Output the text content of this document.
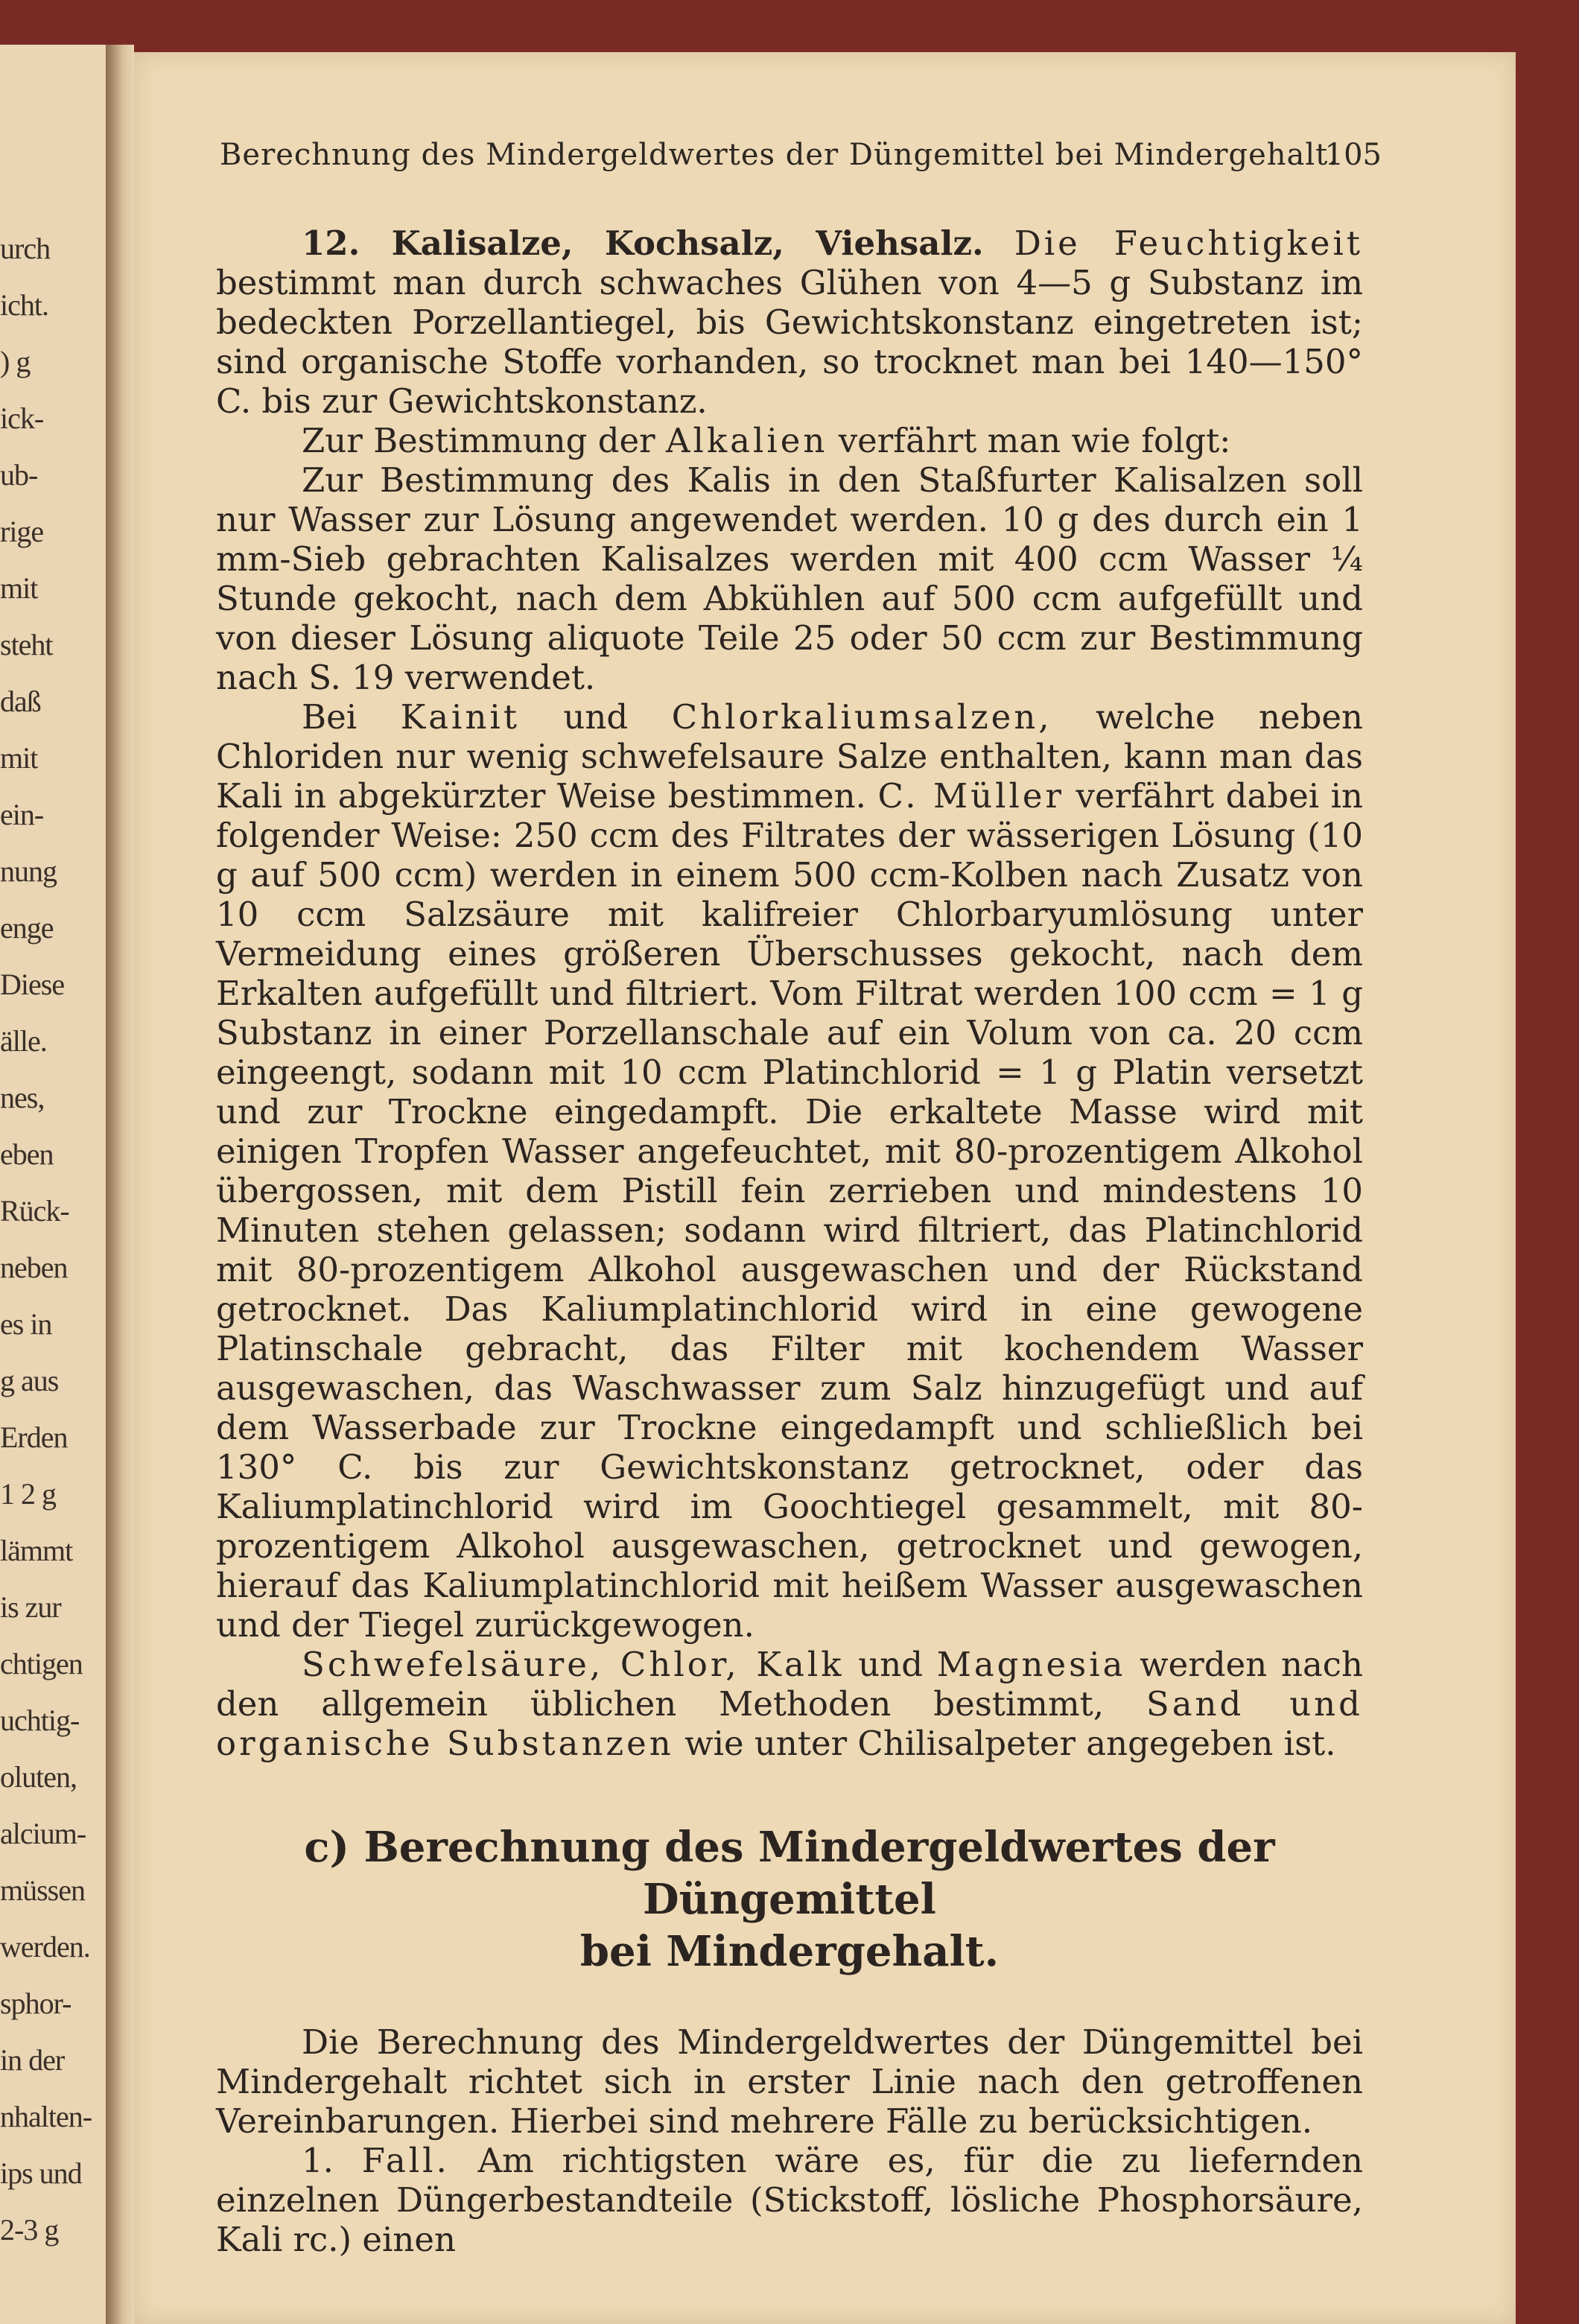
urch
icht.
) g
ick-
ub-
rige
mit
steht
daß
mit
ein-
nung
enge
Diese
älle.
nes,
eben
Rück-
neben
es in
g aus
Erden
1 2 g
lämmt
is zur
chtigen
uchtig-
oluten,
alcium-
müssen
werden.
sphor-
in der
nhalten-
ips und
2-3 g
Berechnung des Mindergeldwertes der Düngemittel bei Mindergehalt.
105

12. Kalisalze, Kochsalz, Viehsalz. Die Feuchtigkeit bestimmt man durch schwaches Glühen von 4—5 g Substanz im bedeckten Porzellantiegel, bis Gewichtskonstanz eingetreten ist; sind organische Stoffe vorhanden, so trocknet man bei 140—150° C. bis zur Gewichtskonstanz.

Zur Bestimmung der Alkalien verfährt man wie folgt:

Zur Bestimmung des Kalis in den Staßfurter Kalisalzen soll nur Wasser zur Lösung angewendet werden. 10 g des durch ein 1 mm-Sieb gebrachten Kalisalzes werden mit 400 ccm Wasser ¼ Stunde gekocht, nach dem Abkühlen auf 500 ccm aufgefüllt und von dieser Lösung aliquote Teile 25 oder 50 ccm zur Bestimmung nach S. 19 verwendet.

Bei Kainit und Chlorkaliumsalzen, welche neben Chloriden nur wenig schwefelsaure Salze enthalten, kann man das Kali in abgekürzter Weise bestimmen. C. Müller verfährt dabei in folgender Weise: 250 ccm des Filtrates der wässerigen Lösung (10 g auf 500 ccm) werden in einem 500 ccm-Kolben nach Zusatz von 10 ccm Salzsäure mit kalifreier Chlorbaryumlösung unter Vermeidung eines größeren Überschusses gekocht, nach dem Erkalten aufgefüllt und filtriert. Vom Filtrat werden 100 ccm = 1 g Substanz in einer Porzellanschale auf ein Volum von ca. 20 ccm eingeengt, sodann mit 10 ccm Platinchlorid = 1 g Platin versetzt und zur Trockne eingedampft. Die erkaltete Masse wird mit einigen Tropfen Wasser angefeuchtet, mit 80-prozentigem Alkohol übergossen, mit dem Pistill fein zerrieben und mindestens 10 Minuten stehen gelassen; sodann wird filtriert, das Platinchlorid mit 80-prozentigem Alkohol ausgewaschen und der Rückstand getrocknet. Das Kaliumplatinchlorid wird in eine gewogene Platinschale gebracht, das Filter mit kochendem Wasser ausgewaschen, das Waschwasser zum Salz hinzugefügt und auf dem Wasserbade zur Trockne eingedampft und schließlich bei 130° C. bis zur Gewichtskonstanz getrocknet, oder das Kaliumplatinchlorid wird im Goochtiegel gesammelt, mit 80-prozentigem Alkohol ausgewaschen, getrocknet und gewogen, hierauf das Kaliumplatinchlorid mit heißem Wasser ausgewaschen und der Tiegel zurückgewogen.

Schwefelsäure, Chlor, Kalk und Magnesia werden nach den allgemein üblichen Methoden bestimmt, Sand und organische Substanzen wie unter Chilisalpeter angegeben ist.

c) Berechnung des Mindergeldwertes der Düngemittel
bei Mindergehalt.

Die Berechnung des Mindergeldwertes der Düngemittel bei Mindergehalt richtet sich in erster Linie nach den getroffenen Vereinbarungen. Hierbei sind mehrere Fälle zu berücksichtigen.

1. Fall. Am richtigsten wäre es, für die zu liefernden einzelnen Düngerbestandteile (Stickstoff, lösliche Phosphorsäure, Kali rc.) einen
